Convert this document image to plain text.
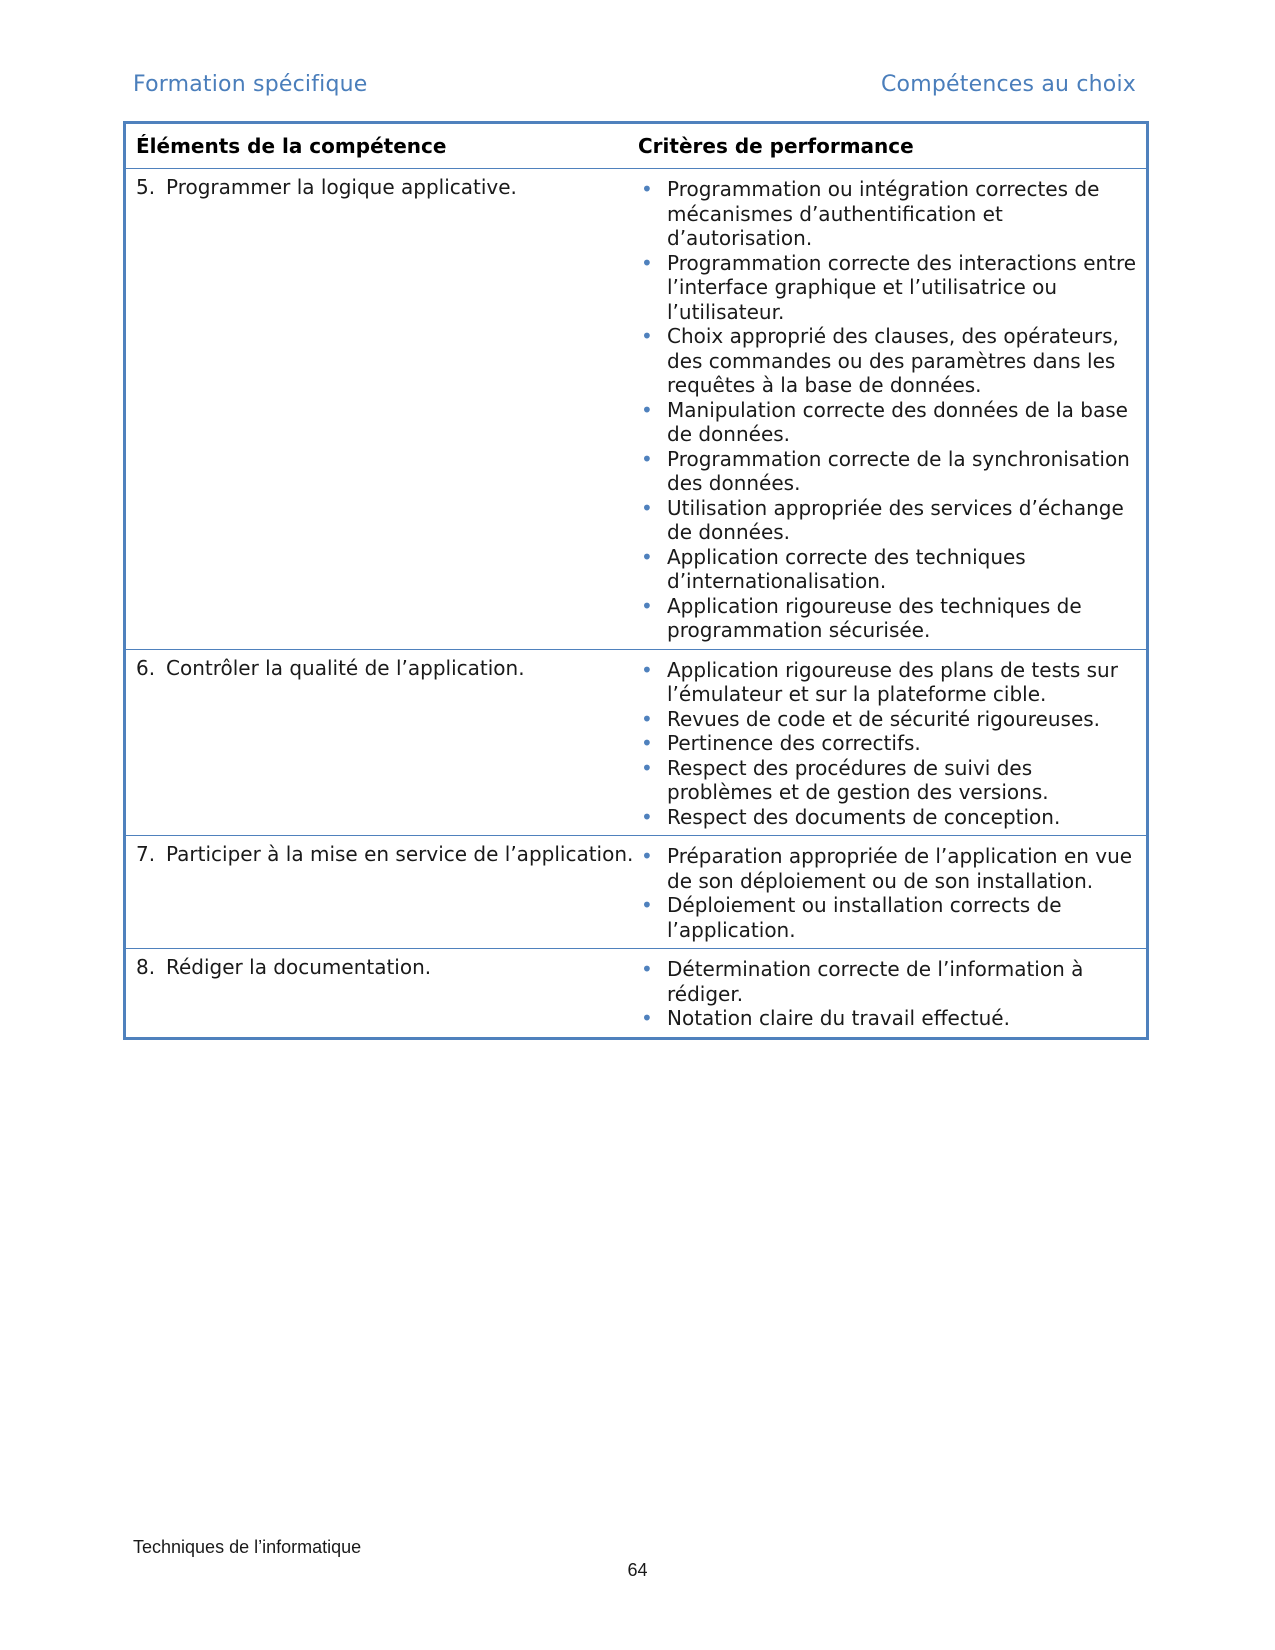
Formation spécifique	Compétences au choix
Éléments de la compétence	Critères de performance
5. Programmer la logique applicative.	• Programmation ou intégration correctes de mécanismes d’authentification et d’autorisation.
• Programmation correcte des interactions entre l’interface graphique et l’utilisatrice ou l’utilisateur.
• Choix approprié des clauses, des opérateurs, des commandes ou des paramètres dans les requêtes à la base de données.
• Manipulation correcte des données de la base de données.
• Programmation correcte de la synchronisation des données.
• Utilisation appropriée des services d’échange de données.
• Application correcte des techniques d’internationalisation.
• Application rigoureuse des techniques de programmation sécurisée.
6. Contrôler la qualité de l’application.	• Application rigoureuse des plans de tests sur l’émulateur et sur la plateforme cible.
• Revues de code et de sécurité rigoureuses.
• Pertinence des correctifs.
• Respect des procédures de suivi des problèmes et de gestion des versions.
• Respect des documents de conception.
7. Participer à la mise en service de l’application. • Préparation appropriée de l’application en vue de son déploiement ou de son installation.
• Déploiement ou installation corrects de l’application.
8. Rédiger la documentation.	• Détermination correcte de l’information à rédiger.
• Notation claire du travail effectué.
Techniques de l’informatique
64
